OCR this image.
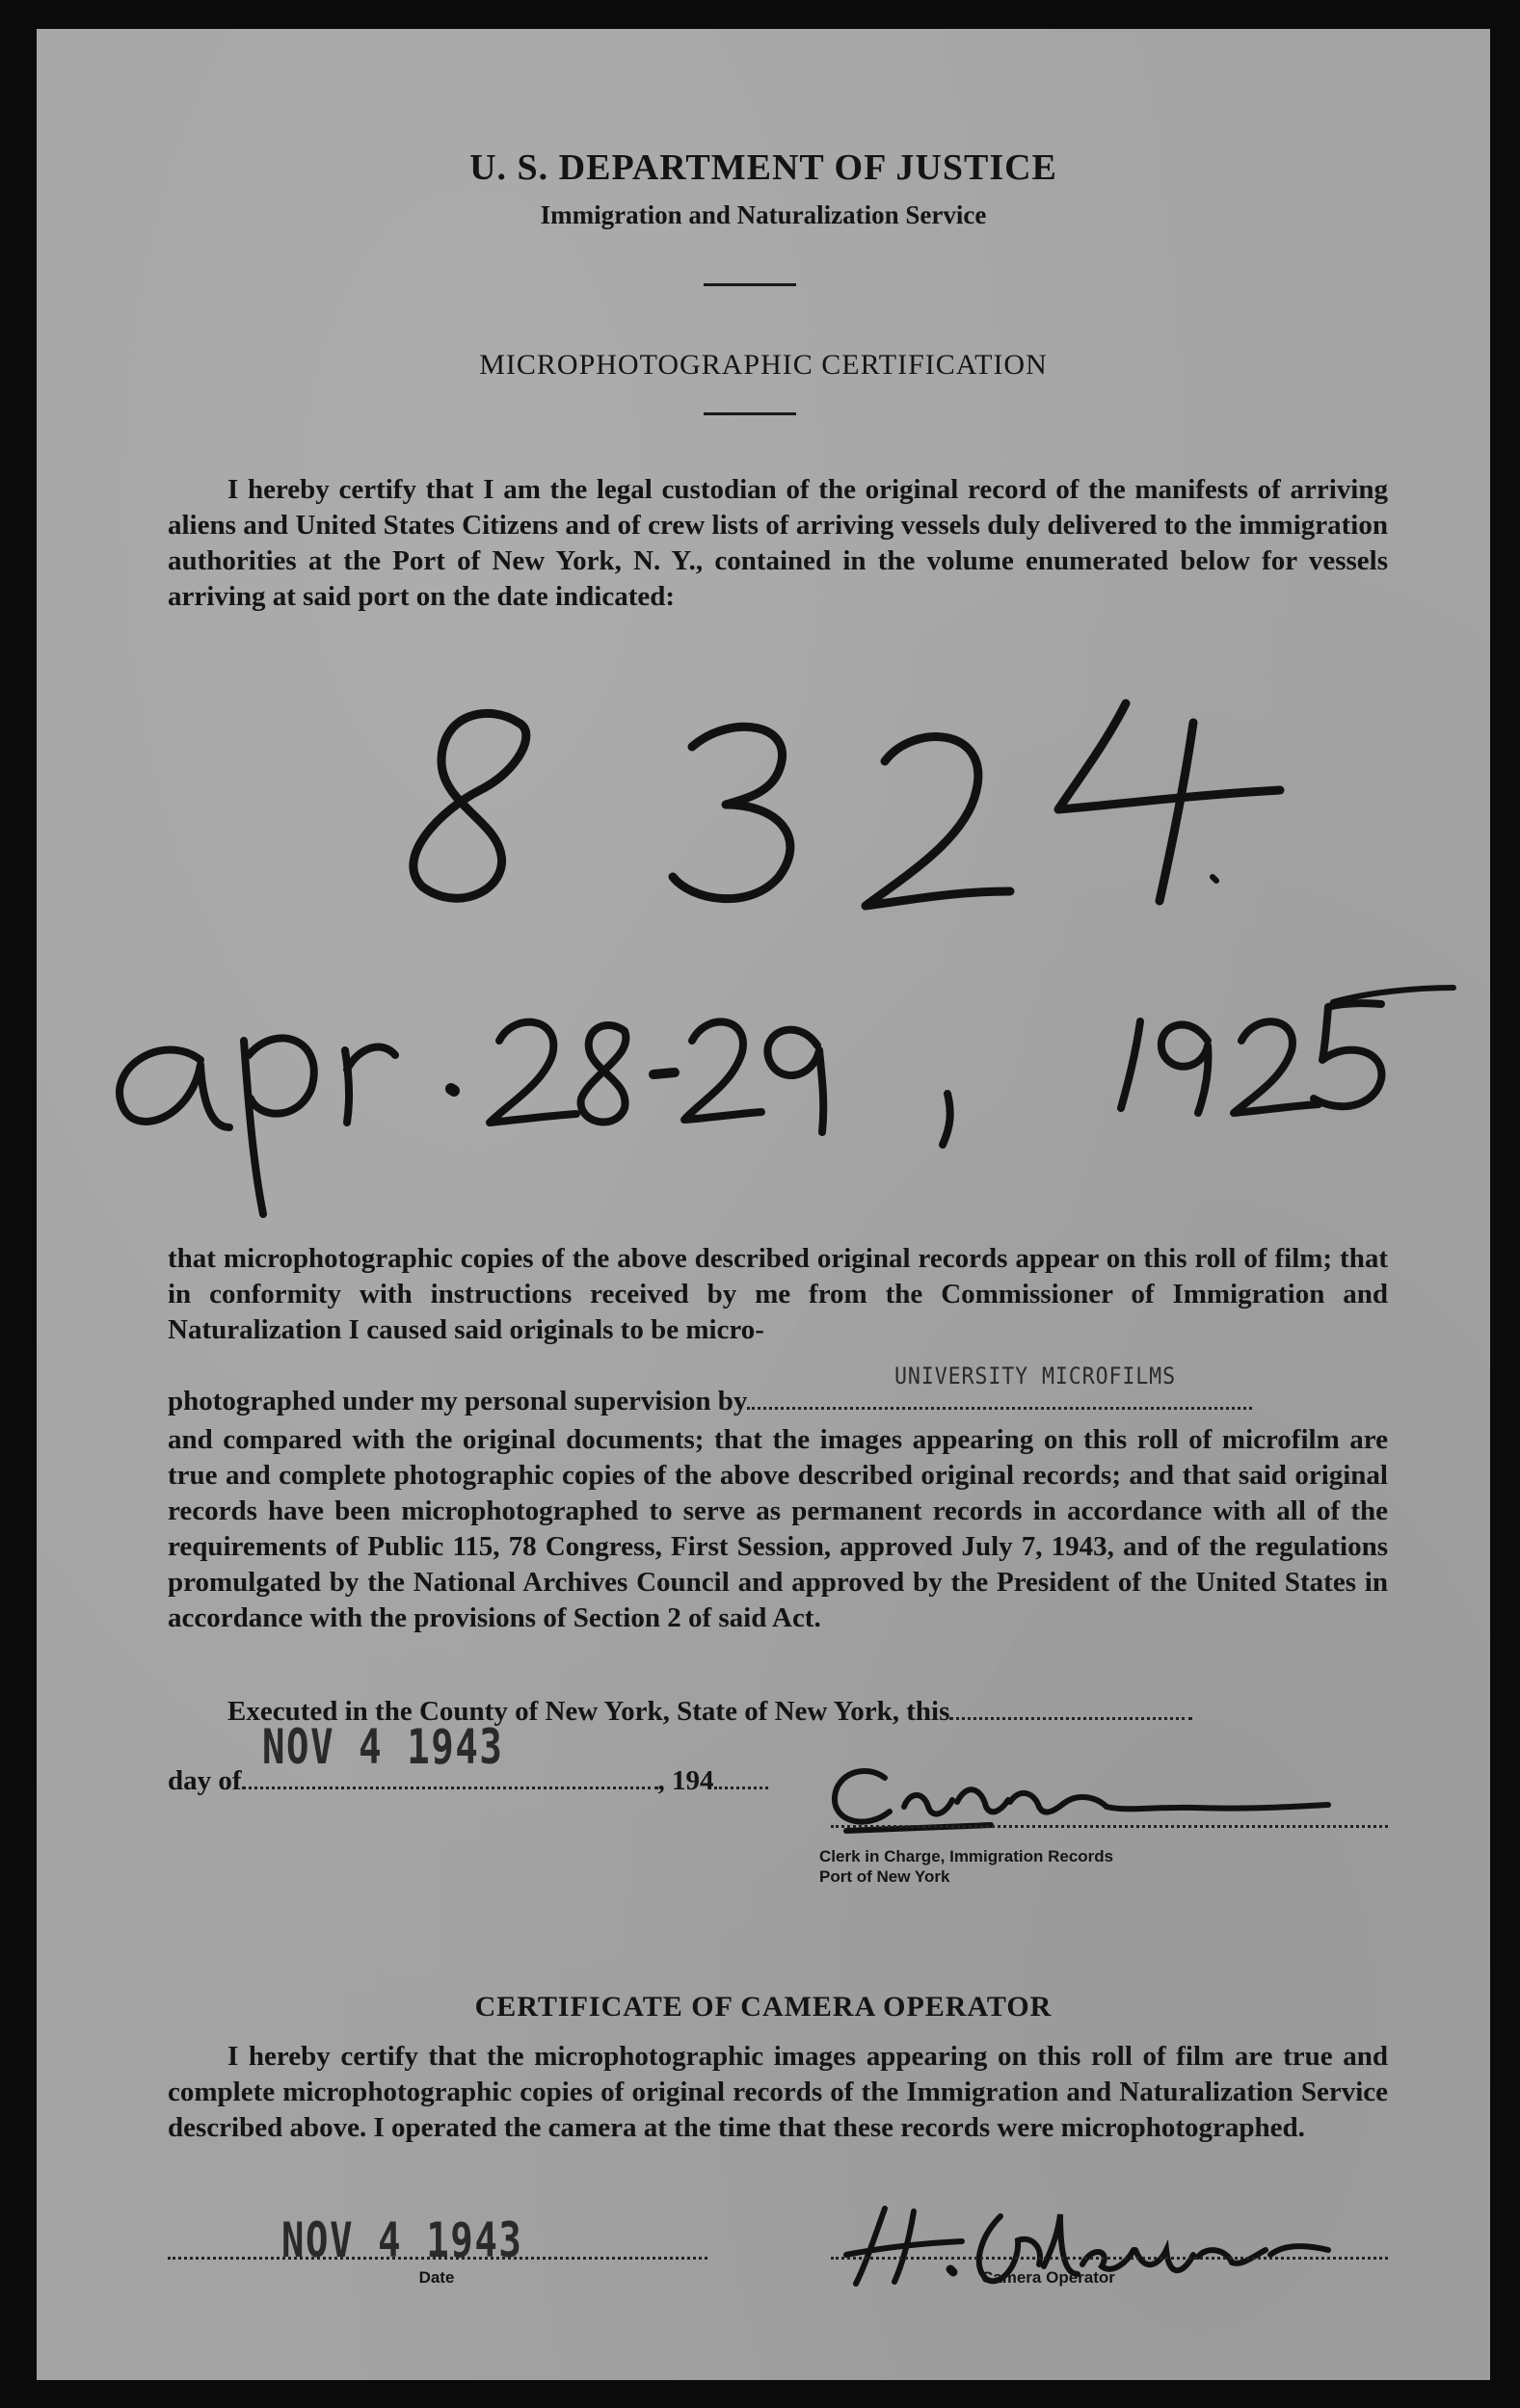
U. S. DEPARTMENT OF JUSTICE
Immigration and Naturalization Service
MICROPHOTOGRAPHIC CERTIFICATION
I hereby certify that I am the legal custodian of the original record of the manifests of arriving aliens and United States Citizens and of crew lists of arriving vessels duly delivered to the immigration authorities at the Port of New York, N. Y., contained in the volume enumerated below for vessels arriving at said port on the date indicated:
that microphotographic copies of the above described original records appear on this roll of film; that in conformity with instructions received by me from the Commissioner of Immigration and Naturalization I caused said originals to be micro-
photographed under my personal supervision by
UNIVERSITY MICROFILMS
and compared with the original documents; that the images appearing on this roll of microfilm are true and complete photographic copies of the above described original records; and that said original records have been microphotographed to serve as permanent records in accordance with all of the requirements of Public 115, 78 Congress, First Session, approved July 7, 1943, and of the regulations promulgated by the National Archives Council and approved by the President of the United States in accordance with the provisions of Section 2 of said Act.
Executed in the County of New York, State of New York, this
day of	, 194
NOV 4 1943
Clerk in Charge, Immigration Records
Port of New York
CERTIFICATE OF CAMERA OPERATOR
I hereby certify that the microphotographic images appearing on this roll of film are true and complete microphotographic copies of original records of the Immigration and Naturalization Service described above. I operated the camera at the time that these records were microphotographed.
NOV 4 1943
Date	Camera Operator
